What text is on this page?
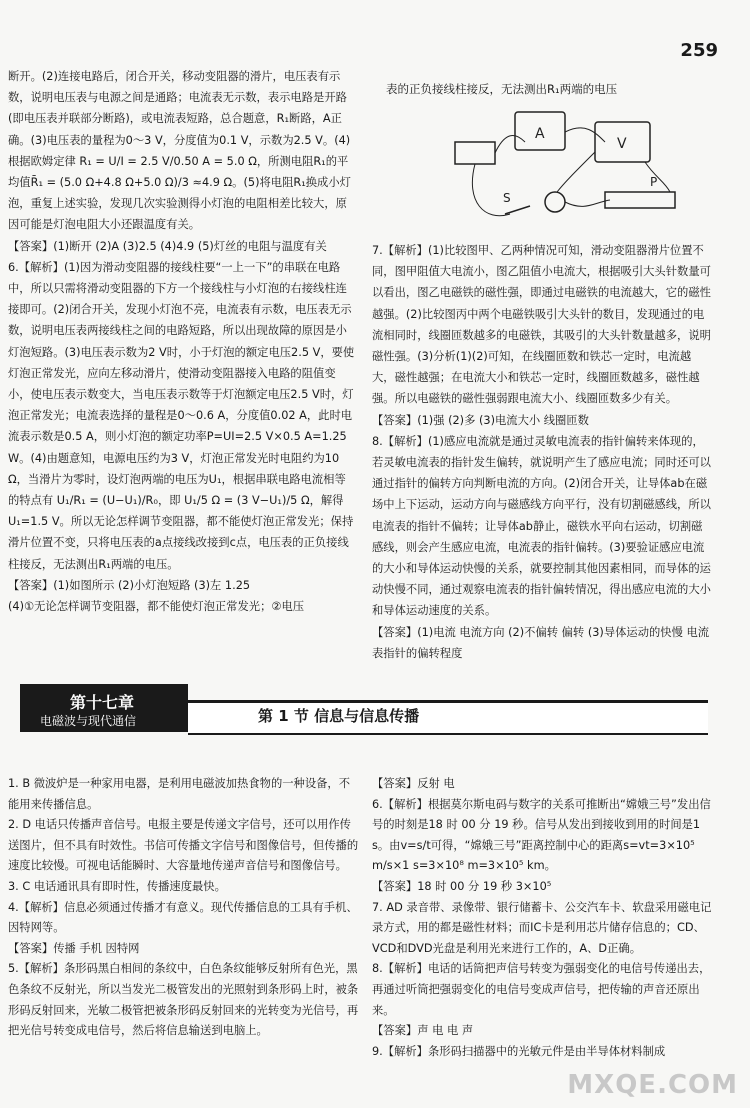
259

断开。(2)连接电路后，闭合开关，移动变阻器的滑片，电压表有示数，说明电压表与电源之间是通路；电流表无示数，表示电路是开路(即电压表并联部分断路)，或电流表短路，总合题意，R₁断路，A正确。(3)电压表的量程为0～3 V，分度值为0.1 V，示数为2.5 V。(4)根据欧姆定律 R₁ = U/I = 2.5 V/0.50 A = 5.0 Ω，所测电阻R₁的平均值R̄₁ = (5.0 Ω+4.8 Ω+5.0 Ω)/3 ≈4.9 Ω。(5)将电阻R₁换成小灯泡，重复上述实验，发现几次实验测得小灯泡的电阻相差比较大，原因可能是灯泡电阻大小还跟温度有关。

【答案】(1)断开 (2)A (3)2.5 (4)4.9 (5)灯丝的电阻与温度有关

6.【解析】(1)因为滑动变阻器的接线柱要“一上一下”的串联在电路中，所以只需将滑动变阻器的下方一个接线柱与小灯泡的右接线柱连接即可。(2)闭合开关，发现小灯泡不亮，电流表有示数，电压表无示数，说明电压表两接线柱之间的电路短路，所以出现故障的原因是小灯泡短路。(3)电压表示数为2 V时，小于灯泡的额定电压2.5 V，要使灯泡正常发光，应向左移动滑片，使滑动变阻器接入电路的阻值变小，使电压表示数变大，当电压表示数等于灯泡额定电压2.5 V时，灯泡正常发光；电流表选择的量程是0～0.6 A，分度值0.02 A，此时电流表示数是0.5 A，则小灯泡的额定功率P=UI=2.5 V×0.5 A=1.25 W。(4)由题意知，电源电压约为3 V，灯泡正常发光时电阻约为10 Ω，当滑片为零时，设灯泡两端的电压为U₁，根据串联电路电流相等的特点有 U₁/R₁ = (U−U₁)/R₀，即 U₁/5 Ω = (3 V−U₁)/5 Ω，解得U₁=1.5 V。所以无论怎样调节变阻器，都不能使灯泡正常发光；保持滑片位置不变，只将电压表的a点接线改接到c点，电压表的正负接线柱接反，无法测出R₁两端的电压。

【答案】(1)如图所示 (2)小灯泡短路 (3)左 1.25

(4)①无论怎样调节变阻器，都不能使灯泡正常发光；②电压

表的正负接线柱接反，无法测出R₁两端的电压
A
V
P
S

7.【解析】(1)比较图甲、乙两种情况可知，滑动变阻器滑片位置不同，图甲阻值大电流小，图乙阻值小电流大，根据吸引大头针数量可以看出，图乙电磁铁的磁性强，即通过电磁铁的电流越大，它的磁性越强。(2)比较图丙中两个电磁铁吸引大头针的数目，发现通过的电流相同时，线圈匝数越多的电磁铁，其吸引的大头针数量越多，说明磁性强。(3)分析(1)(2)可知，在线圈匝数和铁芯一定时，电流越大，磁性越强；在电流大小和铁芯一定时，线圈匝数越多，磁性越强。所以电磁铁的磁性强弱跟电流大小、线圈匝数多少有关。

【答案】(1)强 (2)多 (3)电流大小 线圈匝数

8.【解析】(1)感应电流就是通过灵敏电流表的指针偏转来体现的，若灵敏电流表的指针发生偏转，就说明产生了感应电流；同时还可以通过指针的偏转方向判断电流的方向。(2)闭合开关，让导体ab在磁场中上下运动，运动方向与磁感线方向平行，没有切割磁感线，所以电流表的指针不偏转；让导体ab静止，磁铁水平向右运动，切割磁感线，则会产生感应电流，电流表的指针偏转。(3)要验证感应电流的大小和导体运动快慢的关系，就要控制其他因素相同，而导体的运动快慢不同，通过观察电流表的指针偏转情况，得出感应电流的大小和导体运动速度的关系。

【答案】(1)电流 电流方向 (2)不偏转 偏转 (3)导体运动的快慢 电流表指针的偏转程度

第十七章
电磁波与现代通信	第 1 节 信息与信息传播

1. B 微波炉是一种家用电器，是利用电磁波加热食物的一种设备，不能用来传播信息。

2. D 电话只传播声音信号。电报主要是传递文字信号，还可以用作传送图片，但不具有时效性。书信可传播文字信号和图像信号，但传播的速度比较慢。可视电话能瞬时、大容量地传递声音信号和图像信号。

3. C 电话通讯具有即时性，传播速度最快。

4.【解析】信息必须通过传播才有意义。现代传播信息的工具有手机、因特网等。

【答案】传播 手机 因特网

5.【解析】条形码黑白相间的条纹中，白色条纹能够反射所有色光，黑色条纹不反射光，所以当发光二极管发出的光照射到条形码上时，被条形码反射回来，光敏二极管把被条形码反射回来的光转变为光信号，再把光信号转变成电信号，然后将信息输送到电脑上。

【答案】反射 电

6.【解析】根据莫尔斯电码与数字的关系可推断出“嫦娥三号”发出信号的时刻是18 时 00 分 19 秒。信号从发出到接收到用的时间是1 s。由v=s/t可得，“嫦娥三号”距离控制中心的距离s=vt=3×10⁵ m/s×1 s=3×10⁸ m=3×10⁵ km。

【答案】18 时 00 分 19 秒 3×10⁵

7. AD 录音带、录像带、银行储蓄卡、公交汽车卡、软盘采用磁电记录方式，用的都是磁性材料；而IC卡是利用芯片储存信息的；CD、VCD和DVD光盘是利用光来进行工作的，A、D正确。

8.【解析】电话的话筒把声信号转变为强弱变化的电信号传递出去，再通过听筒把强弱变化的电信号变成声信号，把传输的声音还原出来。

【答案】声 电 电 声

9.【解析】条形码扫描器中的光敏元件是由半导体材料制成

MXQE.COM
